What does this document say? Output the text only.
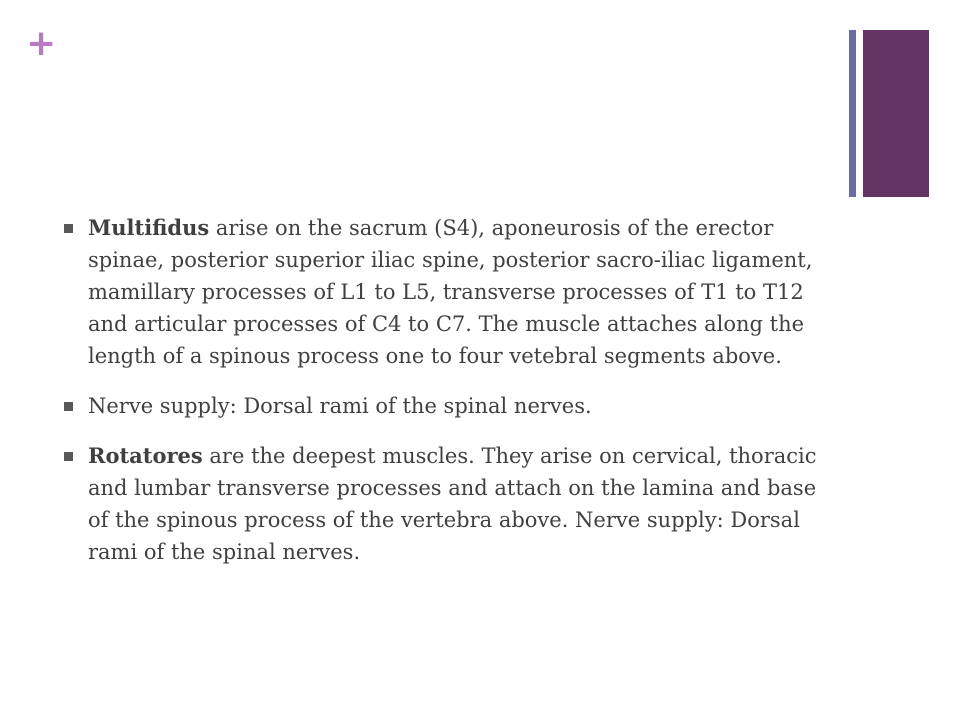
+
Multifidus arise on the sacrum (S4), aponeurosis of the erector spinae, posterior superior iliac spine, posterior sacro-iliac ligament, mamillary processes of L1 to L5, transverse processes of T1 to T12 and articular processes of C4 to C7. The muscle attaches along the length of a spinous process one to four vetebral segments above.
Nerve supply: Dorsal rami of the spinal nerves.
Rotatores are the deepest muscles. They arise on cervical, thoracic and lumbar transverse processes and attach on the lamina and base of the spinous process of the vertebra above. Nerve supply: Dorsal rami of the spinal nerves.
